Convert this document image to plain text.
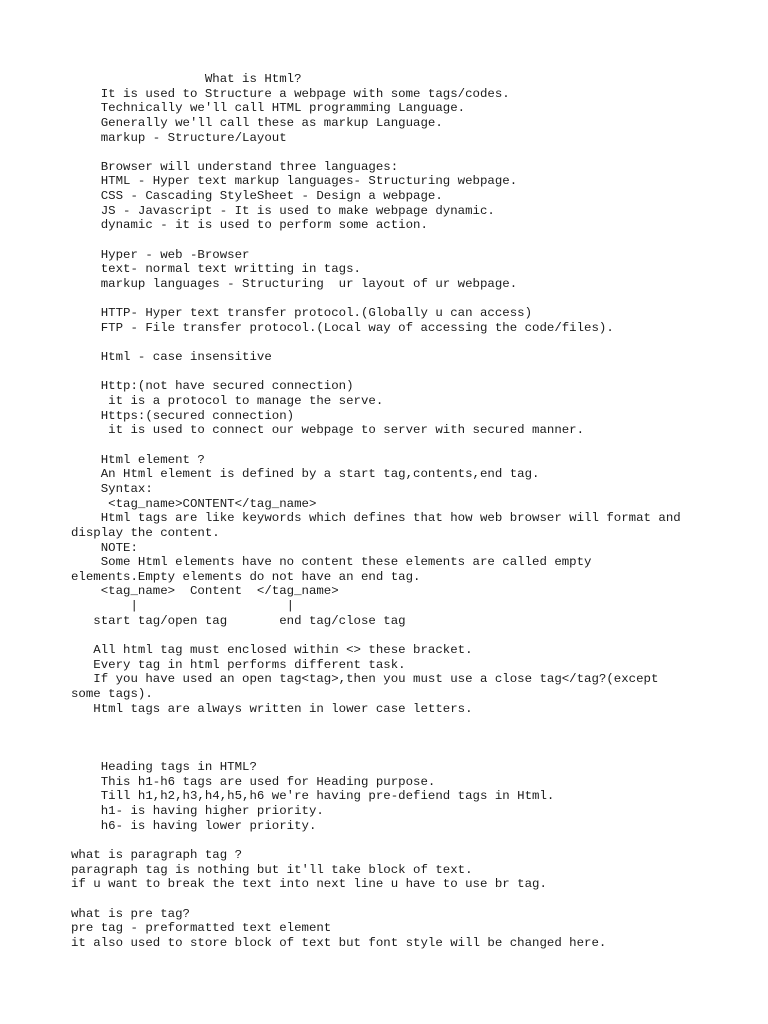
What is Html?
It is used to Structure a webpage with some tags/codes.
Technically we'll call HTML programming Language.
Generally we'll call these as markup Language.
markup - Structure/Layout
Browser will understand three languages:
HTML - Hyper text markup languages- Structuring webpage.
CSS - Cascading StyleSheet - Design a webpage.
JS - Javascript - It is used to make webpage dynamic.
dynamic - it is used to perform some action.
Hyper - web -Browser
text- normal text writting in tags.
markup languages - Structuring  ur layout of ur webpage.
HTTP- Hyper text transfer protocol.(Globally u can access)
FTP - File transfer protocol.(Local way of accessing the code/files).
Html - case insensitive
Http:(not have secured connection)
it is a protocol to manage the serve.
Https:(secured connection)
it is used to connect our webpage to server with secured manner.
Html element ?
An Html element is defined by a start tag,contents,end tag.
Syntax:
<tag_name>CONTENT</tag_name>
Html tags are like keywords which defines that how web browser will format and
display the content.
NOTE:
Some Html elements have no content these elements are called empty
elements.Empty elements do not have an end tag.
<tag_name>  Content  </tag_name>
|                    |
start tag/open tag       end tag/close tag
All html tag must enclosed within <> these bracket.
Every tag in html performs different task.
If you have used an open tag<tag>,then you must use a close tag</tag?(except
some tags).
Html tags are always written in lower case letters.
Heading tags in HTML?
This h1-h6 tags are used for Heading purpose.
Till h1,h2,h3,h4,h5,h6 we're having pre-defiend tags in Html.
h1- is having higher priority.
h6- is having lower priority.
what is paragraph tag ?
paragraph tag is nothing but it'll take block of text.
if u want to break the text into next line u have to use br tag.
what is pre tag?
pre tag - preformatted text element
it also used to store block of text but font style will be changed here.
